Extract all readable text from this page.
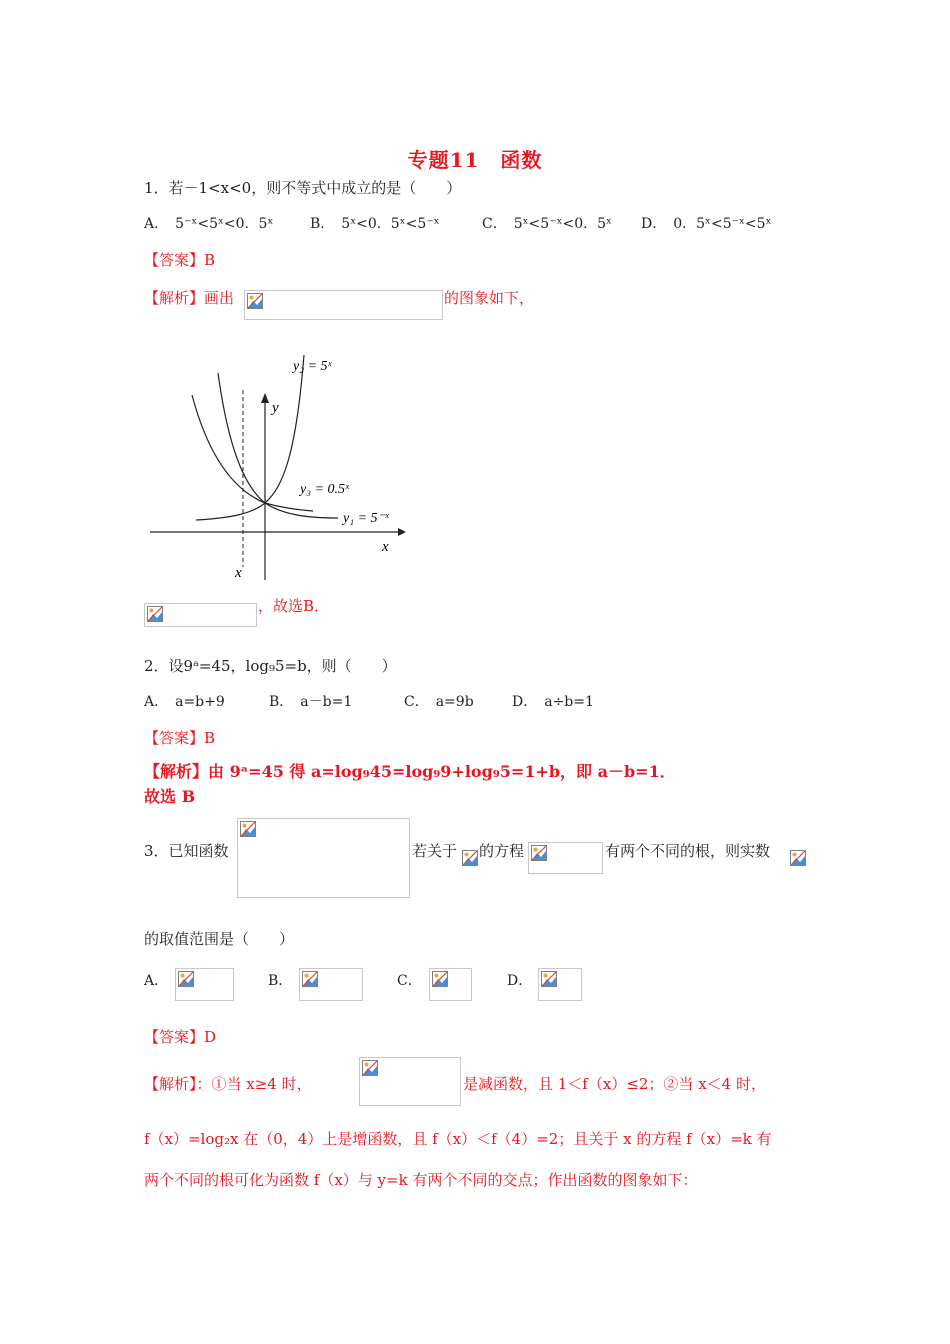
专题11　函数
1．若－1<x<0，则不等式中成立的是（　　）
A．　5⁻ˣ<5ˣ<0．5ˣ	B．　5ˣ<0．5ˣ<5⁻ˣ	C．　5ˣ<5⁻ˣ<0．5ˣ D．　0．5ˣ<5⁻ˣ<5ˣ
【答案】B
【解析】画出	的图象如下，
y₂ = 5ˣ
y₃ = 0.5ˣ
y₁ = 5⁻ˣ
x
y
x
，故选B．
2．设9ᵃ=45，log₉5=b，则（　　）
A．　a=b+9	B．　a－b=1	C．　a=9b	D．　a÷b=1
【答案】B
【解析】由 9ᵃ=45 得 a=log₉45=log₉9+log₉5=1+b，即 a－b=1．
故选 B
3．已知函数	若关于 的方程	有两个不同的根，则实数
的取值范围是（　　）
A．	B．	C．	D．
【答案】D
【解析】：①当 x≥4 时，	是减函数，且 1＜f（x）≤2；②当 x＜4 时，
f（x）=log₂x 在（0，4）上是增函数，且 f（x）＜f（4）=2；且关于 x 的方程 f（x）=k 有
两个不同的根可化为函数 f（x）与 y=k 有两个不同的交点；作出函数的图象如下：
